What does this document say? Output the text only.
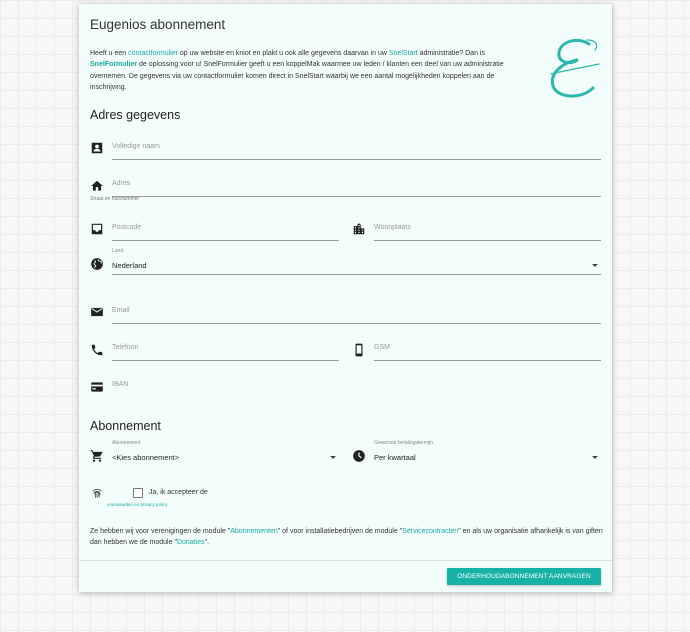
Eugenios abonnement
Heeft u een contactformulier op uw website en kniot en plakt u ook alle gegevens daarvan in uw SnelStart administratie? Dan is SnelFormulier de oplossing voor u! SnelFormulier geeft u een koppelMak waarmee uw leden / klanten een deel van uw administratie overnemen. De gegevens via uw contactformulier komen direct in SnelStart waarbij we een aantal mogelijkheden koppelen aan de inschrijving.
Adres gegevens
Volledige naam
Adres
Straat en huisnummer
Postcode	Woonplaats
Land
Nederland
Email
Telefoon	GSM
IBAN
Abonnement
Abonnement
<Kies abonnement>
Gewenste betalingstermijn
Per kwartaal
Ja, ik accepteer de
voorwaarden en privacy policy
Ze hebben wij voor verenigingen de module "Abonnementen" of voor installatiebedrijven de module "Servicecontracten" en als uw organisatie afhankelijk is van giften dan hebben we de module "Donaties".
ONDERHOUDABONNEMENT AANVRAGEN
